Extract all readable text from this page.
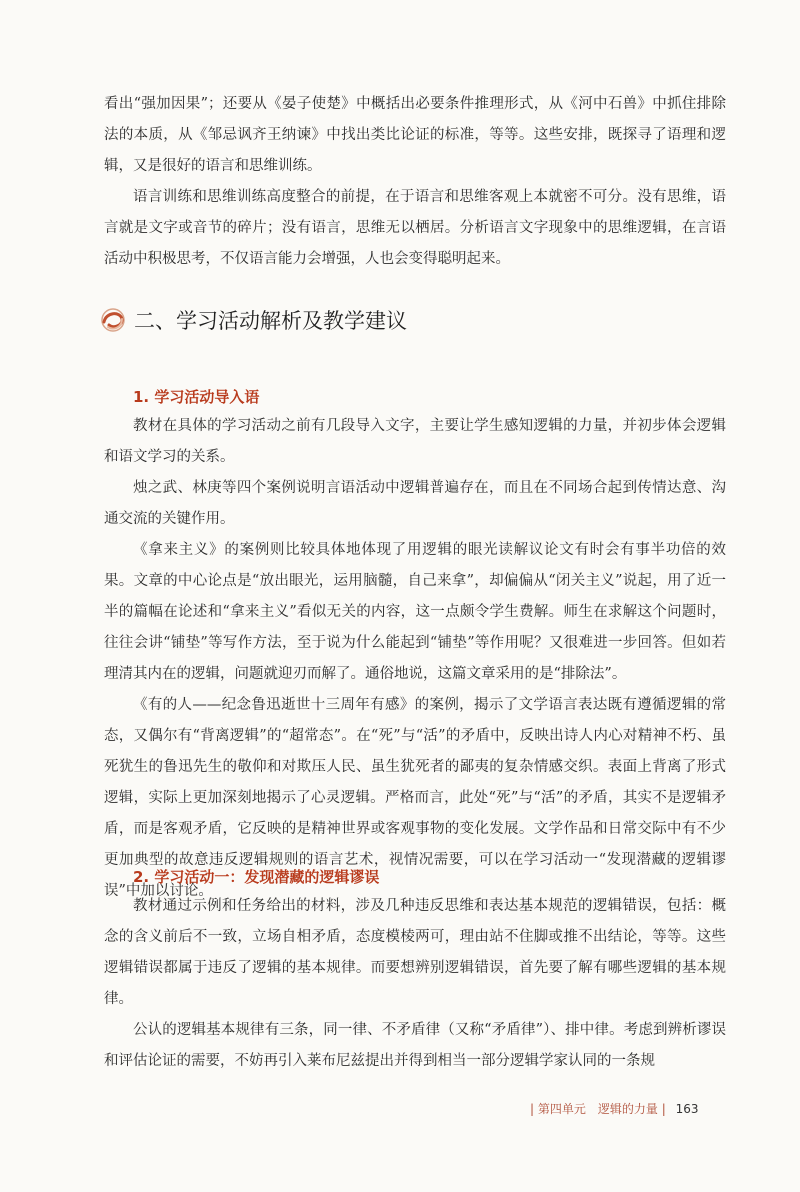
看出“强加因果”；还要从《晏子使楚》中概括出必要条件推理形式，从《河中石兽》中抓住排除法的本质，从《邹忌讽齐王纳谏》中找出类比论证的标准，等等。这些安排，既探寻了语理和逻辑，又是很好的语言和思维训练。

语言训练和思维训练高度整合的前提，在于语言和思维客观上本就密不可分。没有思维，语言就是文字或音节的碎片；没有语言，思维无以栖居。分析语言文字现象中的思维逻辑，在言语活动中积极思考，不仅语言能力会增强，人也会变得聪明起来。

二、学习活动解析及教学建议
1. 学习活动导入语

教材在具体的学习活动之前有几段导入文字，主要让学生感知逻辑的力量，并初步体会逻辑和语文学习的关系。

烛之武、林庚等四个案例说明言语活动中逻辑普遍存在，而且在不同场合起到传情达意、沟通交流的关键作用。

《拿来主义》的案例则比较具体地体现了用逻辑的眼光读解议论文有时会有事半功倍的效果。文章的中心论点是“放出眼光，运用脑髓，自己来拿”，却偏偏从“闭关主义”说起，用了近一半的篇幅在论述和“拿来主义”看似无关的内容，这一点颇令学生费解。师生在求解这个问题时，往往会讲“铺垫”等写作方法，至于说为什么能起到“铺垫”等作用呢？又很难进一步回答。但如若理清其内在的逻辑，问题就迎刃而解了。通俗地说，这篇文章采用的是“排除法”。

《有的人——纪念鲁迅逝世十三周年有感》的案例，揭示了文学语言表达既有遵循逻辑的常态，又偶尔有“背离逻辑”的“超常态”。在“死”与“活”的矛盾中，反映出诗人内心对精神不朽、虽死犹生的鲁迅先生的敬仰和对欺压人民、虽生犹死者的鄙夷的复杂情感交织。表面上背离了形式逻辑，实际上更加深刻地揭示了心灵逻辑。严格而言，此处“死”与“活”的矛盾，其实不是逻辑矛盾，而是客观矛盾，它反映的是精神世界或客观事物的变化发展。文学作品和日常交际中有不少更加典型的故意违反逻辑规则的语言艺术，视情况需要，可以在学习活动一“发现潜藏的逻辑谬误”中加以讨论。

2. 学习活动一：发现潜藏的逻辑谬误

教材通过示例和任务给出的材料，涉及几种违反思维和表达基本规范的逻辑错误，包括：概念的含义前后不一致，立场自相矛盾，态度模棱两可，理由站不住脚或推不出结论，等等。这些逻辑错误都属于违反了逻辑的基本规律。而要想辨别逻辑错误，首先要了解有哪些逻辑的基本规律。

公认的逻辑基本规律有三条，同一律、不矛盾律（又称“矛盾律”）、排中律。考虑到辨析谬误和评估论证的需要，不妨再引入莱布尼兹提出并得到相当一部分逻辑学家认同的一条规

| 第四单元　逻辑的力量 | 163
